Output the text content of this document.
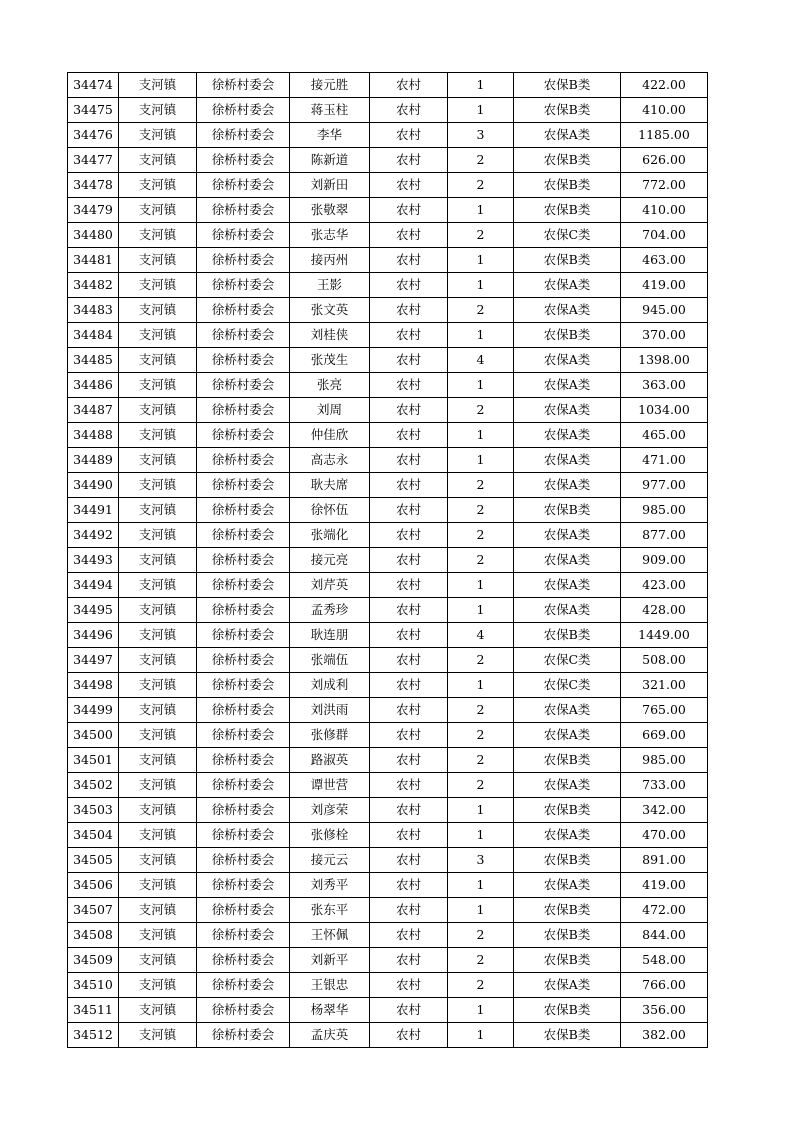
34474	支河镇	徐桥村委会	接元胜	农村	1	农保B类	422.00
34475	支河镇	徐桥村委会	蒋玉柱	农村	1	农保B类	410.00
34476	支河镇	徐桥村委会	李华	农村	3	农保A类	1185.00
34477	支河镇	徐桥村委会	陈新道	农村	2	农保B类	626.00
34478	支河镇	徐桥村委会	刘新田	农村	2	农保B类	772.00
34479	支河镇	徐桥村委会	张敬翠	农村	1	农保B类	410.00
34480	支河镇	徐桥村委会	张志华	农村	2	农保C类	704.00
34481	支河镇	徐桥村委会	接丙州	农村	1	农保B类	463.00
34482	支河镇	徐桥村委会	王影	农村	1	农保A类	419.00
34483	支河镇	徐桥村委会	张文英	农村	2	农保A类	945.00
34484	支河镇	徐桥村委会	刘桂侠	农村	1	农保B类	370.00
34485	支河镇	徐桥村委会	张茂生	农村	4	农保A类	1398.00
34486	支河镇	徐桥村委会	张亮	农村	1	农保A类	363.00
34487	支河镇	徐桥村委会	刘周	农村	2	农保A类	1034.00
34488	支河镇	徐桥村委会	仲佳欣	农村	1	农保A类	465.00
34489	支河镇	徐桥村委会	高志永	农村	1	农保A类	471.00
34490	支河镇	徐桥村委会	耿夫席	农村	2	农保A类	977.00
34491	支河镇	徐桥村委会	徐怀伍	农村	2	农保B类	985.00
34492	支河镇	徐桥村委会	张端化	农村	2	农保A类	877.00
34493	支河镇	徐桥村委会	接元亮	农村	2	农保A类	909.00
34494	支河镇	徐桥村委会	刘芹英	农村	1	农保A类	423.00
34495	支河镇	徐桥村委会	孟秀珍	农村	1	农保A类	428.00
34496	支河镇	徐桥村委会	耿连朋	农村	4	农保B类	1449.00
34497	支河镇	徐桥村委会	张端伍	农村	2	农保C类	508.00
34498	支河镇	徐桥村委会	刘成利	农村	1	农保C类	321.00
34499	支河镇	徐桥村委会	刘洪雨	农村	2	农保A类	765.00
34500	支河镇	徐桥村委会	张修群	农村	2	农保A类	669.00
34501	支河镇	徐桥村委会	路淑英	农村	2	农保B类	985.00
34502	支河镇	徐桥村委会	谭世营	农村	2	农保A类	733.00
34503	支河镇	徐桥村委会	刘彦荣	农村	1	农保B类	342.00
34504	支河镇	徐桥村委会	张修栓	农村	1	农保A类	470.00
34505	支河镇	徐桥村委会	接元云	农村	3	农保B类	891.00
34506	支河镇	徐桥村委会	刘秀平	农村	1	农保A类	419.00
34507	支河镇	徐桥村委会	张东平	农村	1	农保B类	472.00
34508	支河镇	徐桥村委会	王怀佩	农村	2	农保B类	844.00
34509	支河镇	徐桥村委会	刘新平	农村	2	农保B类	548.00
34510	支河镇	徐桥村委会	王银忠	农村	2	农保A类	766.00
34511	支河镇	徐桥村委会	杨翠华	农村	1	农保B类	356.00
34512	支河镇	徐桥村委会	孟庆英	农村	1	农保B类	382.00
